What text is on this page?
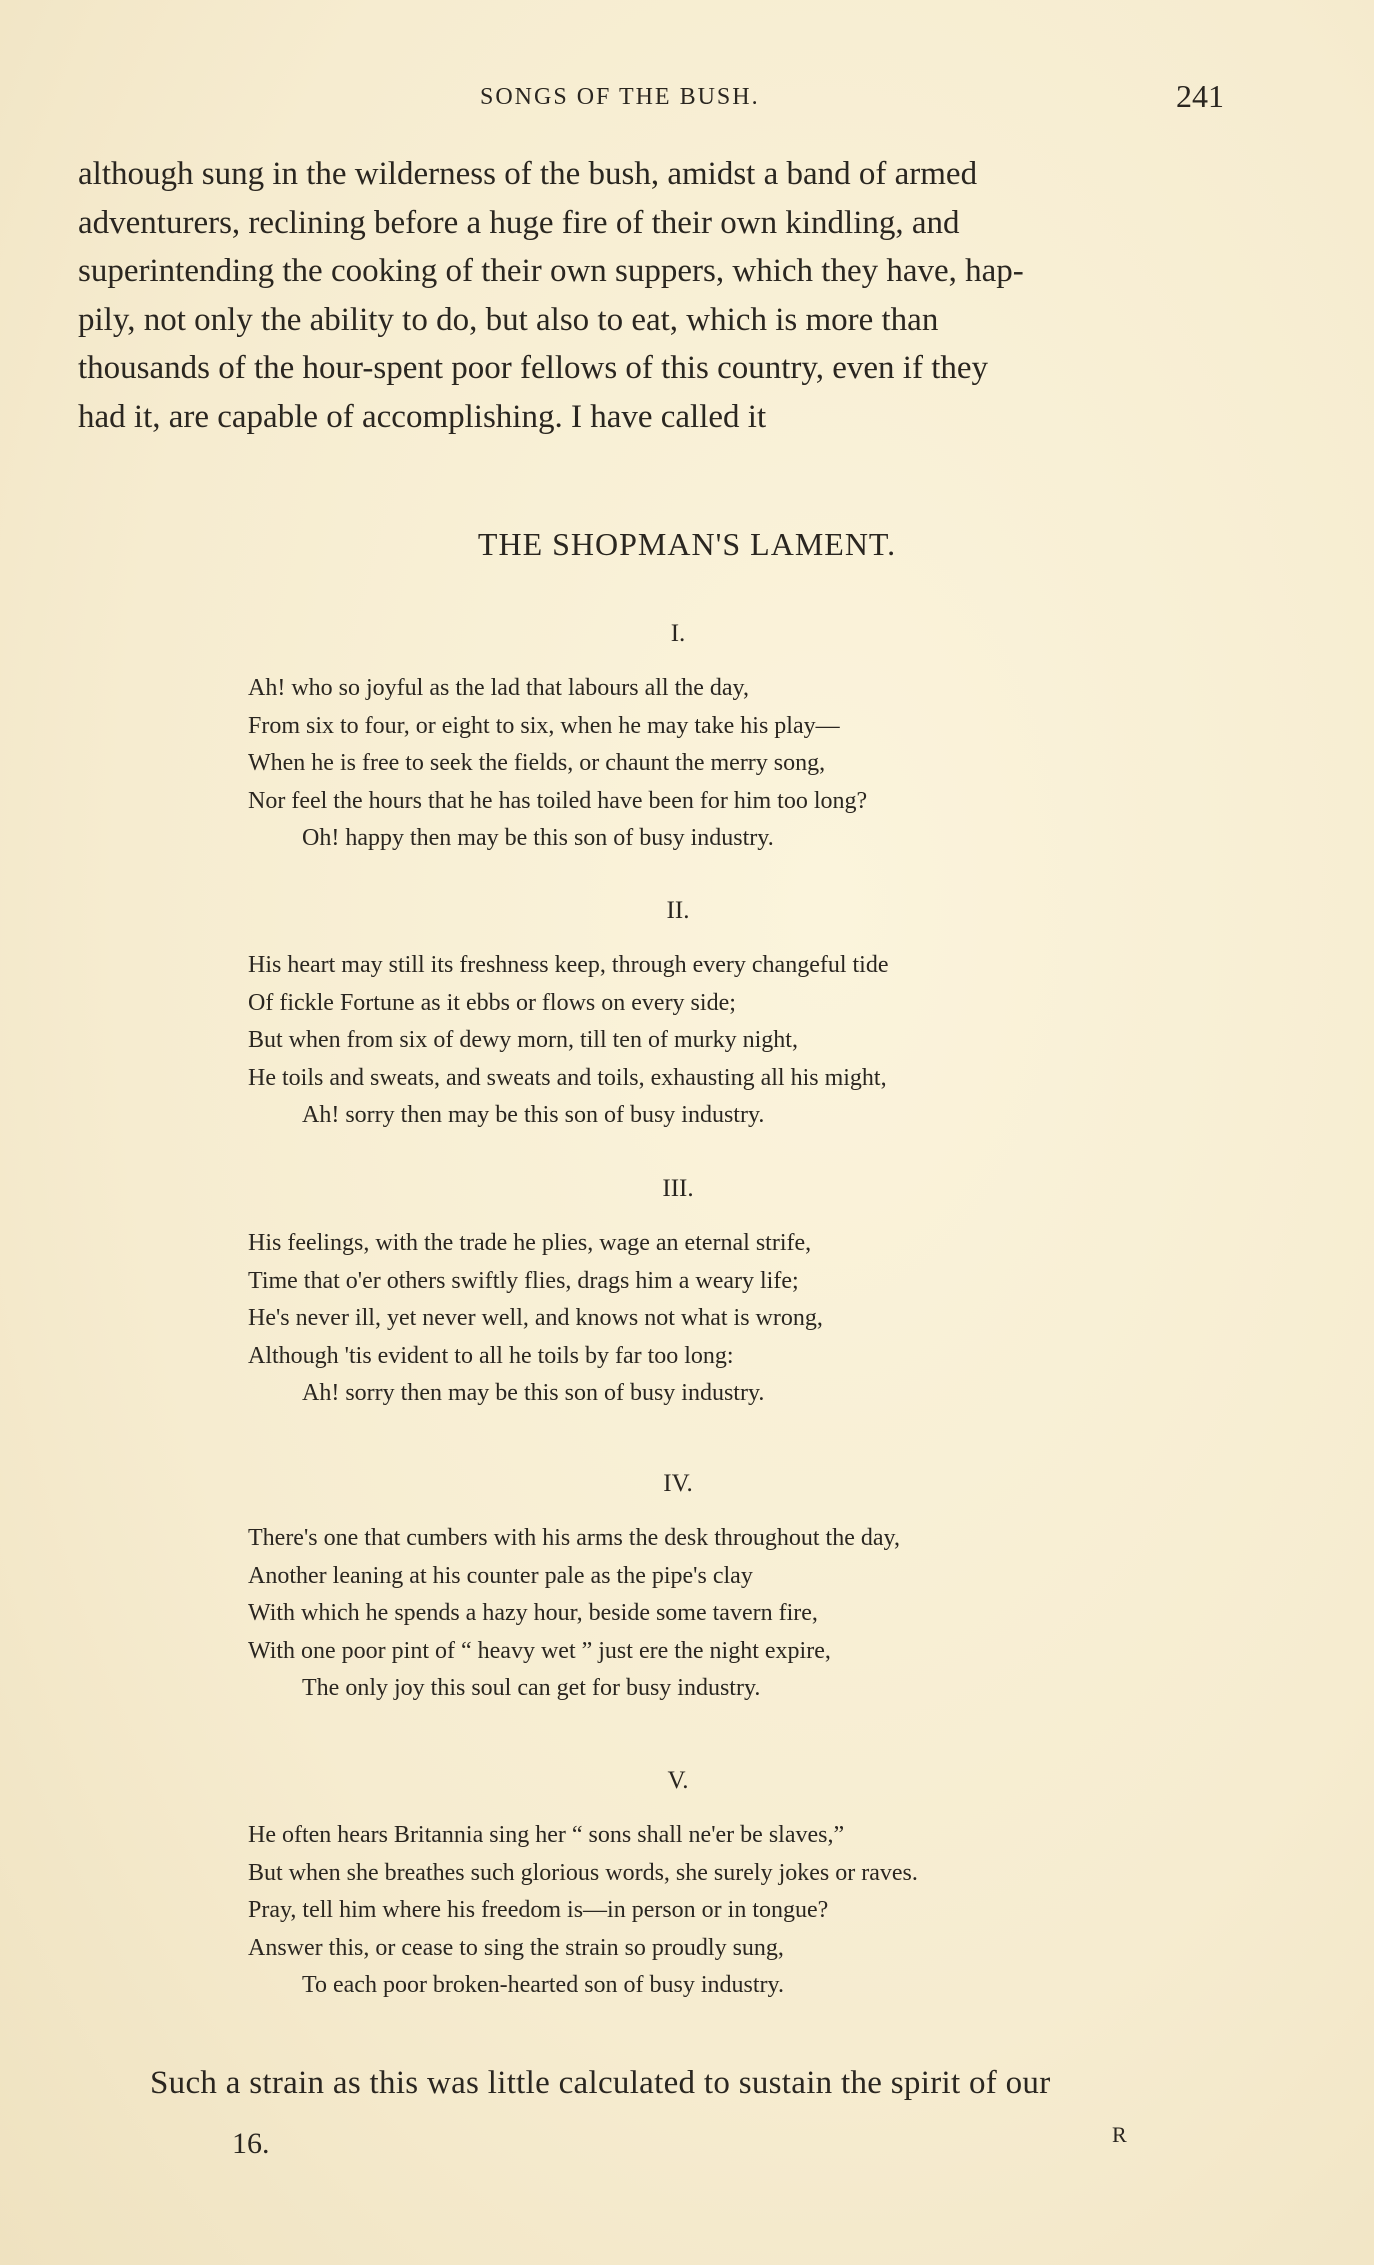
SONGS OF THE BUSH.	241

although sung in the wilderness of the bush, amidst a band of armed

adventurers, reclining before a huge fire of their own kindling, and

superintending the cooking of their own suppers, which they have, hap-

pily, not only the ability to do, but also to eat, which is more than

thousands of the hour-spent poor fellows of this country, even if they

had it, are capable of accomplishing. I have called it

THE SHOPMAN'S LAMENT.
I.
Ah! who so joyful as the lad that labours all the day,
From six to four, or eight to six, when he may take his play—
When he is free to seek the fields, or chaunt the merry song,
Nor feel the hours that he has toiled have been for him too long?
Oh! happy then may be this son of busy industry.
II.
His heart may still its freshness keep, through every changeful tide
Of fickle Fortune as it ebbs or flows on every side;
But when from six of dewy morn, till ten of murky night,
He toils and sweats, and sweats and toils, exhausting all his might,
Ah! sorry then may be this son of busy industry.
III.
His feelings, with the trade he plies, wage an eternal strife,
Time that o'er others swiftly flies, drags him a weary life;
He's never ill, yet never well, and knows not what is wrong,
Although 'tis evident to all he toils by far too long:
Ah! sorry then may be this son of busy industry.
IV.
There's one that cumbers with his arms the desk throughout the day,
Another leaning at his counter pale as the pipe's clay
With which he spends a hazy hour, beside some tavern fire,
With one poor pint of “ heavy wet ” just ere the night expire,
The only joy this soul can get for busy industry.
V.
He often hears Britannia sing her “ sons shall ne'er be slaves,”
But when she breathes such glorious words, she surely jokes or raves.
Pray, tell him where his freedom is—in person or in tongue?
Answer this, or cease to sing the strain so proudly sung,
To each poor broken-hearted son of busy industry.
Such a strain as this was little calculated to sustain the spirit of our
16.	R
